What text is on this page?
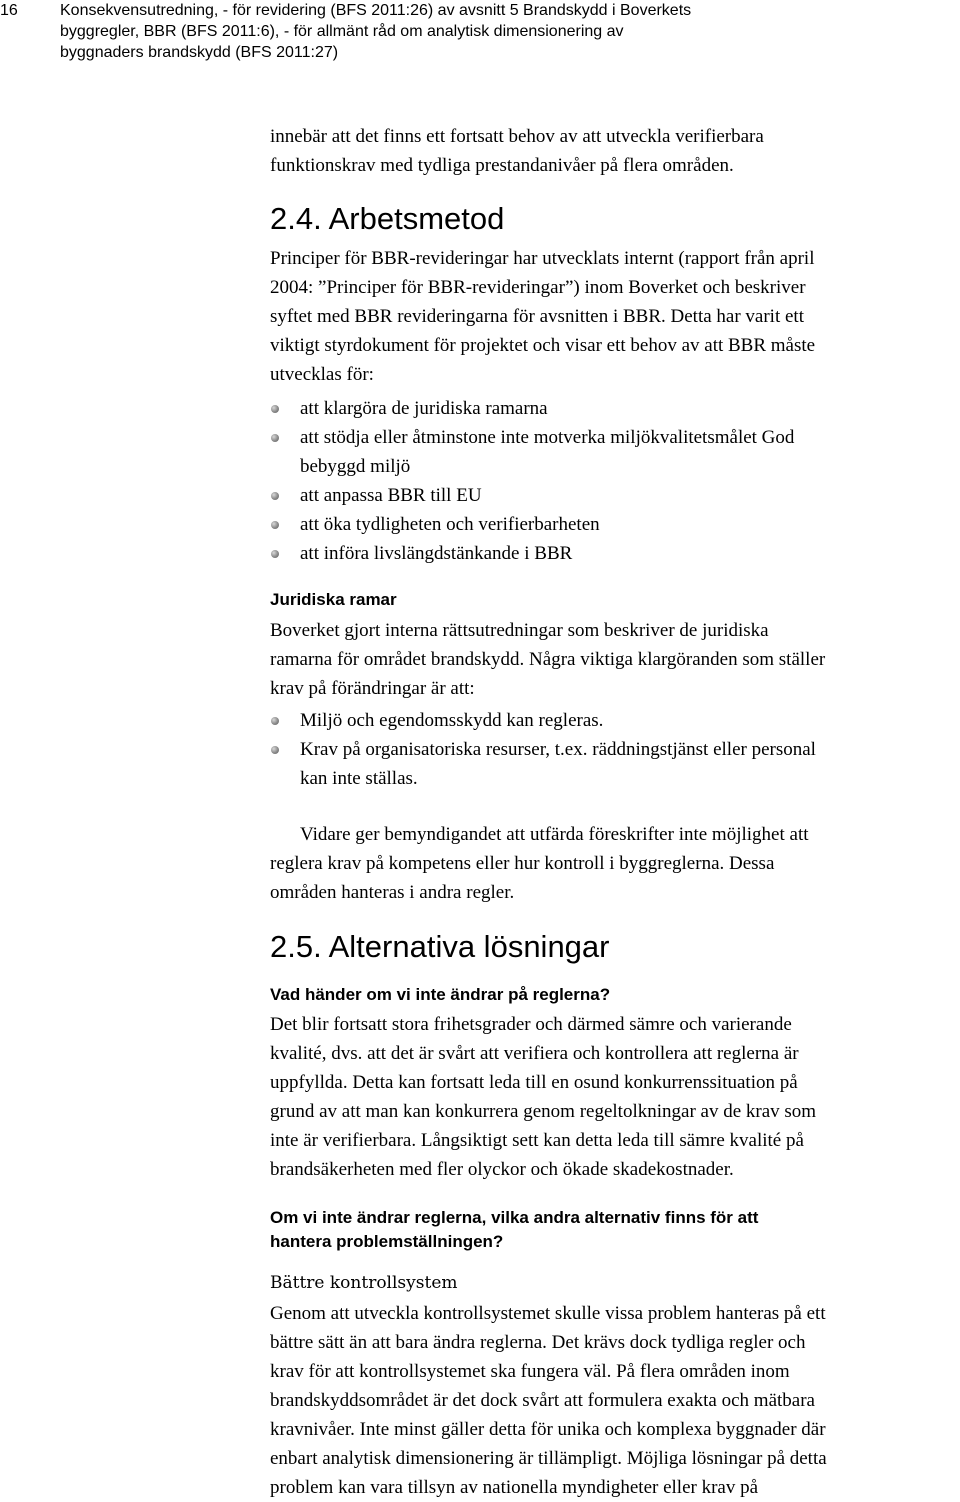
16	Konsekvensutredning, - för revidering (BFS 2011:26) av avsnitt 5 Brandskydd i Boverkets
byggregler, BBR (BFS 2011:6), - för allmänt råd om analytisk dimensionering av
byggnaders brandskydd (BFS 2011:27)

innebär att det finns ett fortsatt behov av att utveckla verifierbara
funktionskrav med tydliga prestandanivåer på flera områden.

2.4. Arbetsmetod

Principer för BBR-revideringar har utvecklats internt (rapport från april
2004: ”Principer för BBR-revideringar”) inom Boverket och beskriver
syftet med BBR revideringarna för avsnitten i BBR. Detta har varit ett
viktigt styrdokument för projektet och visar ett behov av att BBR måste
utvecklas för:

att klargöra de juridiska ramarna
att stödja eller åtminstone inte motverka miljökvalitetsmålet God
bebyggd miljö
att anpassa BBR till EU
att öka tydligheten och verifierbarheten
att införa livslängdstänkande i BBR
Juridiska ramar

Boverket gjort interna rättsutredningar som beskriver de juridiska
ramarna för området brandskydd. Några viktiga klargöranden som ställer
krav på förändringar är att:

Miljö och egendomsskydd kan regleras.
Krav på organisatoriska resurser, t.ex. räddningstjänst eller personal
kan inte ställas.
Vidare ger bemyndigandet att utfärda föreskrifter inte möjlighet att
reglera krav på kompetens eller hur kontroll i byggreglerna. Dessa
områden hanteras i andra regler.
2.5. Alternativa lösningar
Vad händer om vi inte ändrar på reglerna?

Det blir fortsatt stora frihetsgrader och därmed sämre och varierande
kvalité, dvs. att det är svårt att verifiera och kontrollera att reglerna är
uppfyllda. Detta kan fortsatt leda till en osund konkurrenssituation på
grund av att man kan konkurrera genom regeltolkningar av de krav som
inte är verifierbara. Långsiktigt sett kan detta leda till sämre kvalité på
brandsäkerheten med fler olyckor och ökade skadekostnader.

Om vi inte ändrar reglerna, vilka andra alternativ finns för att
hantera problemställningen?
Bättre kontrollsystem

Genom att utveckla kontrollsystemet skulle vissa problem hanteras på ett
bättre sätt än att bara ändra reglerna. Det krävs dock tydliga regler och
krav för att kontrollsystemet ska fungera väl. På flera områden inom
brandskyddsområdet är det dock svårt att formulera exakta och mätbara
kravnivåer. Inte minst gäller detta för unika och komplexa byggnader där
enbart analytisk dimensionering är tillämpligt. Möjliga lösningar på detta
problem kan vara tillsyn av nationella myndigheter eller krav på
